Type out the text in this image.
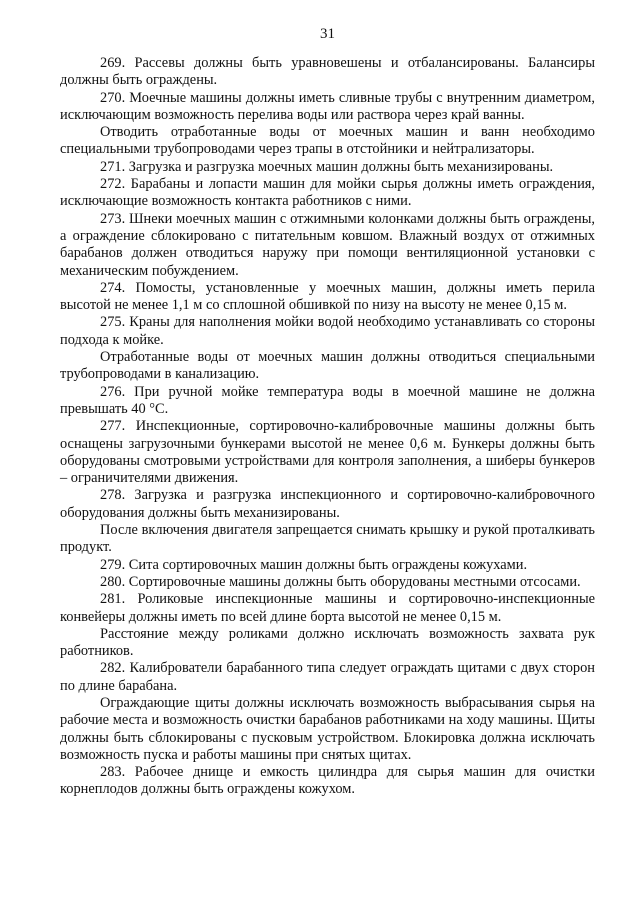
31

269. Рассевы должны быть уравновешены и отбалансированы. Балансиры должны быть ограждены.

270. Моечные машины должны иметь сливные трубы с внутренним диаметром, исключающим возможность перелива воды или раствора через край ванны.

Отводить отработанные воды от моечных машин и ванн необходимо специальными трубопроводами через трапы в отстойники и нейтрализаторы.

271. Загрузка и разгрузка моечных машин должны быть механизированы.

272. Барабаны и лопасти машин для мойки сырья должны иметь ограждения, исключающие возможность контакта работников с ними.

273. Шнеки моечных машин с отжимными колонками должны быть ограждены, а ограждение сблокировано с питательным ковшом. Влажный воздух от отжимных барабанов должен отводиться наружу при помощи вентиляционной установки с механическим побуждением.

274. Помосты, установленные у моечных машин, должны иметь перила высотой не менее 1,1 м со сплошной обшивкой по низу на высоту не менее 0,15 м.

275. Краны для наполнения мойки водой необходимо устанавливать со стороны подхода к мойке.

Отработанные воды от моечных машин должны отводиться специальными трубопроводами в канализацию.

276. При ручной мойке температура воды в моечной машине не должна превышать 40 °С.

277. Инспекционные, сортировочно-калибровочные машины должны быть оснащены загрузочными бункерами высотой не менее 0,6 м. Бункеры должны быть оборудованы смотровыми устройствами для контроля заполнения, а шиберы бункеров – ограничителями движения.

278. Загрузка и разгрузка инспекционного и сортировочно-калибровочного оборудования должны быть механизированы.

После включения двигателя запрещается снимать крышку и рукой проталкивать продукт.

279. Сита сортировочных машин должны быть ограждены кожухами.

280. Сортировочные машины должны быть оборудованы местными отсосами.

281. Роликовые инспекционные машины и сортировочно-инспекционные конвейеры должны иметь по всей длине борта высотой не менее 0,15 м.

Расстояние между роликами должно исключать возможность захвата рук работников.

282. Калиброватели барабанного типа следует ограждать щитами с двух сторон по длине барабана.

Ограждающие щиты должны исключать возможность выбрасывания сырья на рабочие места и возможность очистки барабанов работниками на ходу машины. Щиты должны быть сблокированы с пусковым устройством. Блокировка должна исключать возможность пуска и работы машины при снятых щитах.

283. Рабочее днище и емкость цилиндра для сырья машин для очистки корнеплодов должны быть ограждены кожухом.
